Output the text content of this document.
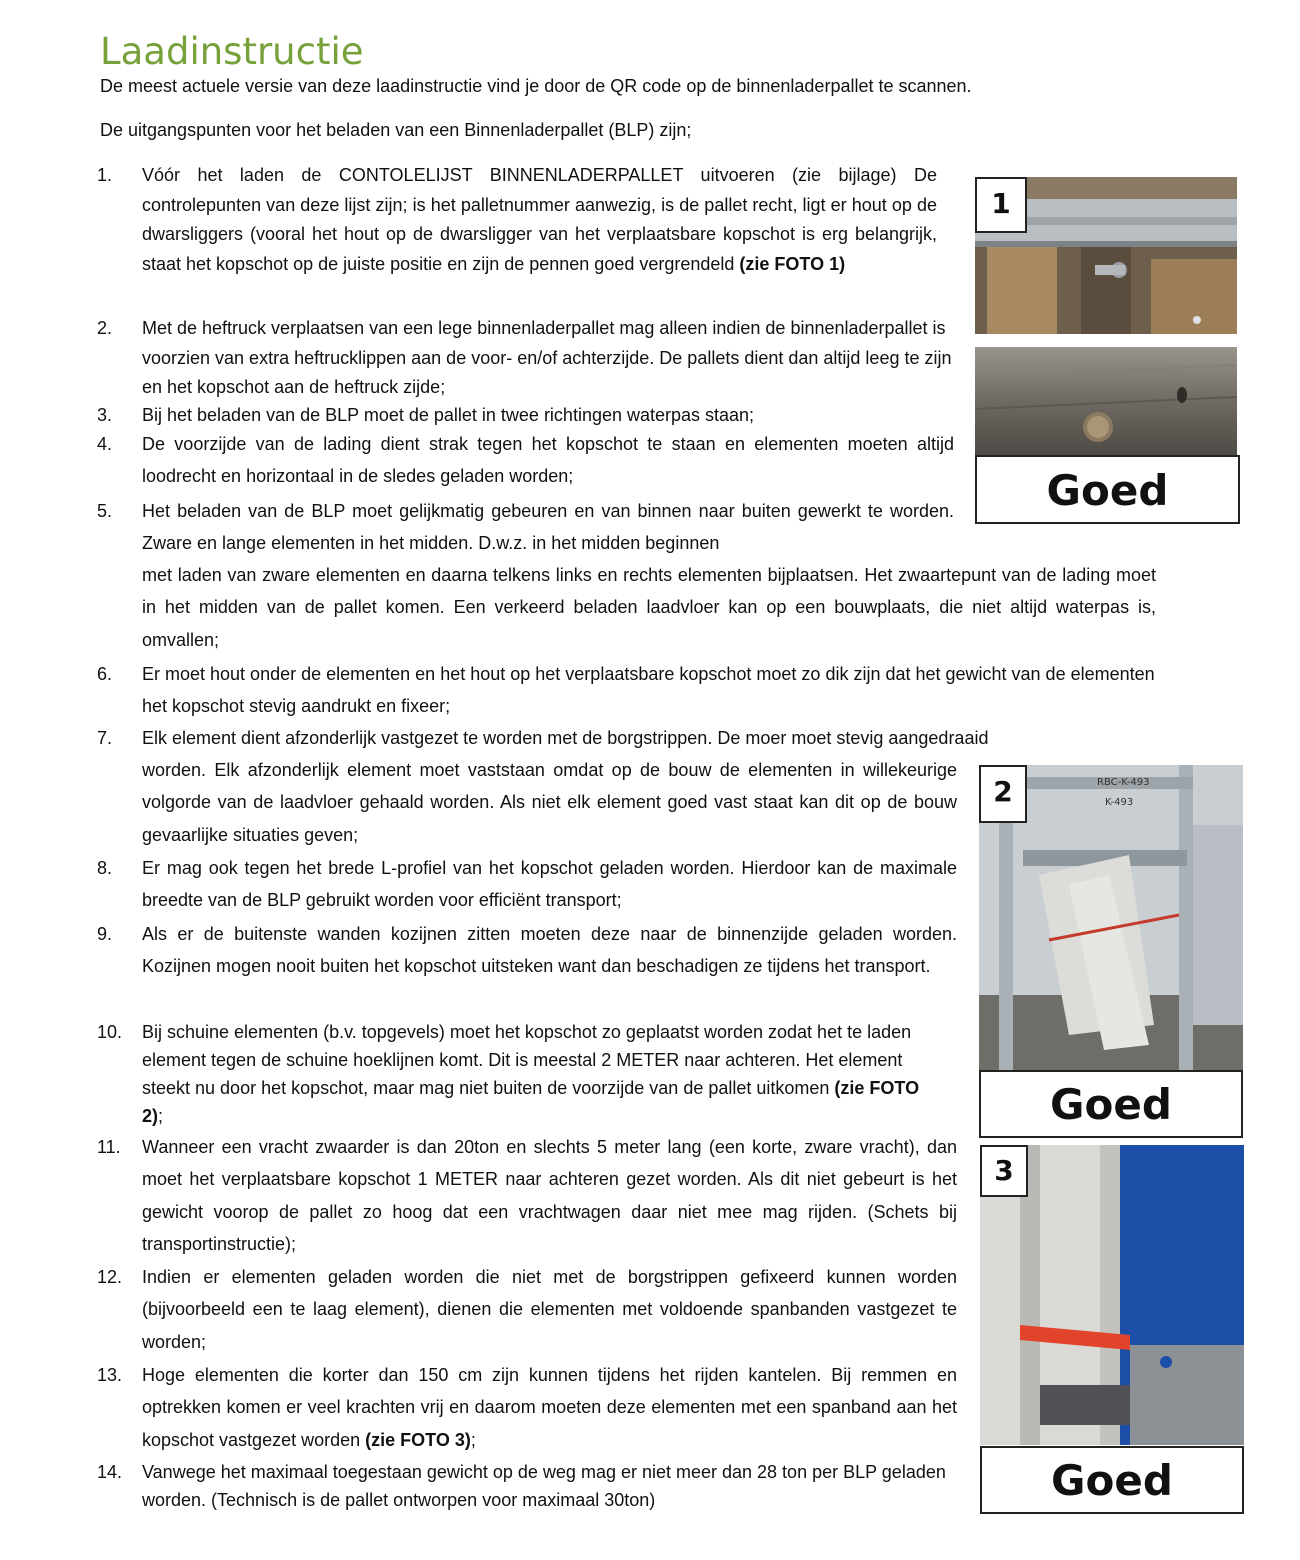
Laadinstructie
De meest actuele versie van deze laadinstructie vind je door de QR code op de binnenladerpallet te scannen.
De uitgangspunten voor het beladen van een Binnenladerpallet (BLP) zijn;
1. Vóór het laden de CONTOLELIJST BINNENLADERPALLET uitvoeren (zie bijlage) De controlepunten van deze lijst zijn; is het palletnummer aanwezig, is de pallet recht, ligt er hout op de dwarsliggers (vooral het hout op de dwarsligger van het verplaatsbare kopschot is erg belangrijk, staat het kopschot op de juiste positie en zijn de pennen goed vergrendeld (zie FOTO 1)
2. Met de heftruck verplaatsen van een lege binnenladerpallet mag alleen indien de binnenladerpallet is voorzien van extra heftrucklippen aan de voor- en/of achterzijde. De pallets dient dan altijd leeg te zijn en het kopschot aan de heftruck zijde;
3. Bij het beladen van de BLP moet de pallet in twee richtingen waterpas staan;
4. De voorzijde van de lading dient strak tegen het kopschot te staan en elementen moeten altijd loodrecht en horizontaal in de sledes geladen worden;
5. Het beladen van de BLP moet gelijkmatig gebeuren en van binnen naar buiten gewerkt te worden. Zware en lange elementen in het midden. D.w.z. in het midden beginnen
met laden van zware elementen en daarna telkens links en rechts elementen bijplaatsen. Het zwaartepunt van de lading moet in het midden van de pallet komen. Een verkeerd beladen laadvloer kan op een bouwplaats, die niet altijd waterpas is, omvallen;
6. Er moet hout onder de elementen en het hout op het verplaatsbare kopschot moet zo dik zijn dat het gewicht van de elementen het kopschot stevig aandrukt en fixeer;
7. Elk element dient afzonderlijk vastgezet te worden met de borgstrippen. De moer moet stevig aangedraaid
worden. Elk afzonderlijk element moet vaststaan omdat op de bouw de elementen in willekeurige volgorde van de laadvloer gehaald worden. Als niet elk element goed vast staat kan dit op de bouw gevaarlijke situaties geven;
8. Er mag ook tegen het brede L-profiel van het kopschot geladen worden. Hierdoor kan de maximale breedte van de BLP gebruikt worden voor efficiënt transport;
9. Als er de buitenste wanden kozijnen zitten moeten deze naar de binnenzijde geladen worden. Kozijnen mogen nooit buiten het kopschot uitsteken want dan beschadigen ze tijdens het transport.
10. Bij schuine elementen (b.v. topgevels) moet het kopschot zo geplaatst worden zodat het te laden element tegen de schuine hoeklijnen komt. Dit is meestal 2 METER naar achteren. Het element steekt nu door het kopschot, maar mag niet buiten de voorzijde van de pallet uitkomen (zie FOTO 2);
11. Wanneer een vracht zwaarder is dan 20ton en slechts 5 meter lang (een korte, zware vracht), dan moet het verplaatsbare kopschot 1 METER naar achteren gezet worden. Als dit niet gebeurt is het gewicht voorop de pallet zo hoog dat een vrachtwagen daar niet mee mag rijden. (Schets bij transportinstructie);
12. Indien er elementen geladen worden die niet met de borgstrippen gefixeerd kunnen worden (bijvoorbeeld een te laag element), dienen die elementen met voldoende spanbanden vastgezet te worden;
13. Hoge elementen die korter dan 150 cm zijn kunnen tijdens het rijden kantelen. Bij remmen en optrekken komen er veel krachten vrij en daarom moeten deze elementen met een spanband aan het kopschot vastgezet worden (zie FOTO 3);
14. Vanwege het maximaal toegestaan gewicht op de weg mag er niet meer dan 28 ton per BLP geladen worden. (Technisch is de pallet ontworpen voor maximaal 30ton)
1
Goed
RBC-K-493
K-493
2
Goed
3
Goed
